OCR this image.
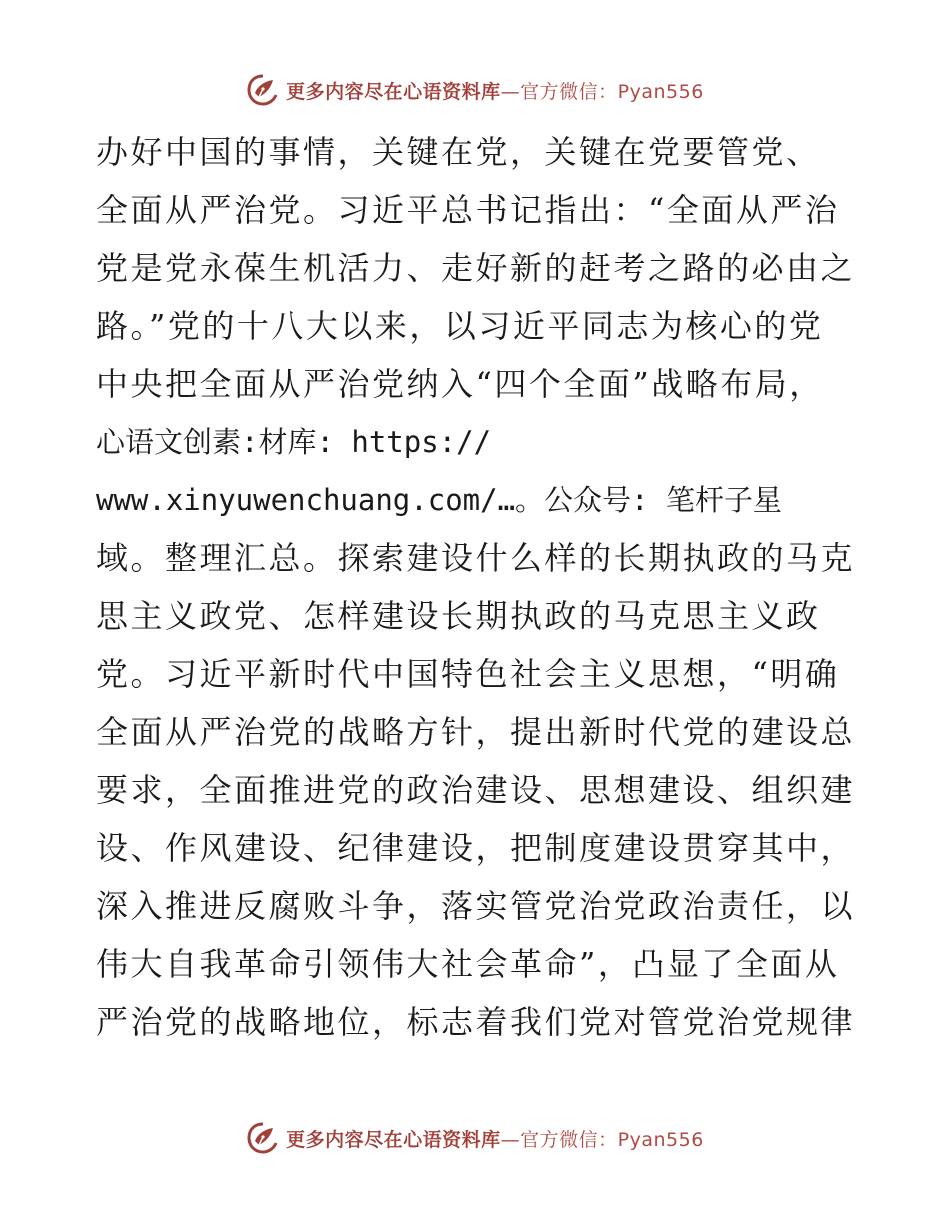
更多内容尽在心语资料库—官方微信：Pyan556
办好中国的事情，关键在党，关键在党要管党、
全面从严治党。习近平总书记指出：“全面从严治
党是党永葆生机活力、走好新的赶考之路的必由之
路。”党的十八大以来，以习近平同志为核心的党
中央把全面从严治党纳入“四个全面”战略布局，
心语文创素:材库: https://
www.xinyuwenchuang.com/…。公众号: 笔杆子星
域。整理汇总。探索建设什么样的长期执政的马克
思主义政党、怎样建设长期执政的马克思主义政
党。习近平新时代中国特色社会主义思想，“明确
全面从严治党的战略方针，提出新时代党的建设总
要求，全面推进党的政治建设、思想建设、组织建
设、作风建设、纪律建设，把制度建设贯穿其中，
深入推进反腐败斗争，落实管党治党政治责任，以
伟大自我革命引领伟大社会革命”，凸显了全面从
严治党的战略地位，标志着我们党对管党治党规律
更多内容尽在心语资料库—官方微信：Pyan556
